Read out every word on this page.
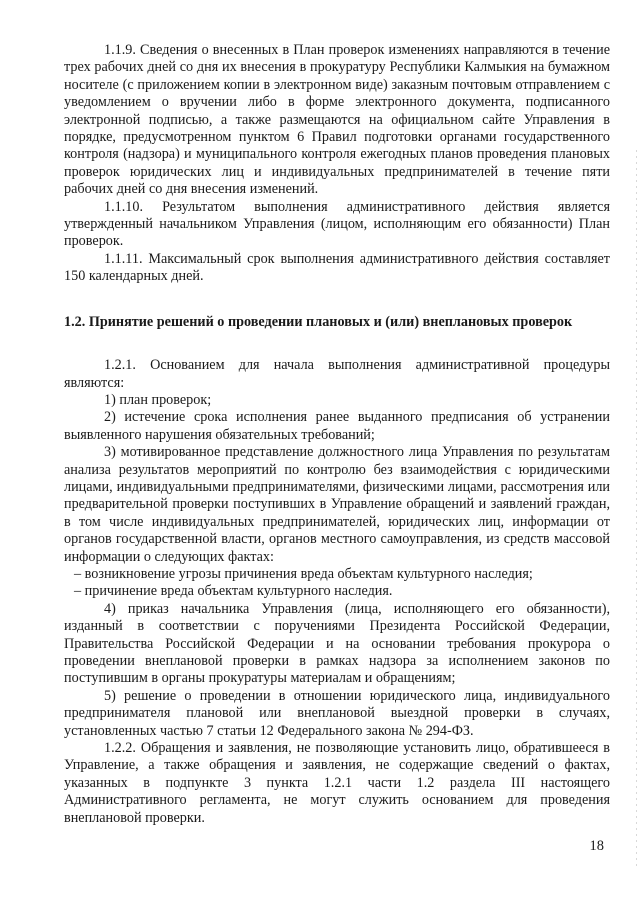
1.1.9. Сведения о внесенных в План проверок изменениях направляются в течение трех рабочих дней со дня их внесения в прокуратуру Республики Калмыкия на бумажном носителе (с приложением копии в электронном виде) заказным почтовым отправлением с уведомлением о вручении либо в форме электронного документа, подписанного электронной подписью, а также размещаются на официальном сайте Управления в порядке, предусмотренном пунктом 6 Правил подготовки органами государственного контроля (надзора) и муниципального контроля ежегодных планов проведения плановых проверок юридических лиц и индивидуальных предпринимателей в течение пяти рабочих дней со дня внесения изменений.

1.1.10. Результатом выполнения административного действия является утвержденный начальником Управления (лицом, исполняющим его обязанности) План проверок.

1.1.11. Максимальный срок выполнения административного действия составляет 150 календарных дней.

1.2. Принятие решений о проведении плановых и (или) внеплановых проверок

1.2.1. Основанием для начала выполнения административной процедуры являются:

1) план проверок;

2) истечение срока исполнения ранее выданного предписания об устранении выявленного нарушения обязательных требований;

3) мотивированное представление должностного лица Управления по результатам анализа результатов мероприятий по контролю без взаимодействия с юридическими лицами, индивидуальными предпринимателями, физическими лицами, рассмотрения или предварительной проверки поступивших в Управление обращений и заявлений граждан, в том числе индивидуальных предпринимателей, юридических лиц, информации от органов государственной власти, органов местного самоуправления, из средств массовой информации о следующих фактах:

– возникновение угрозы причинения вреда объектам культурного наследия;

– причинение вреда объектам культурного наследия.

4) приказ начальника Управления (лица, исполняющего его обязанности), изданный в соответствии с поручениями Президента Российской Федерации, Правительства Российской Федерации и на основании требования прокурора о проведении внеплановой проверки в рамках надзора за исполнением законов по поступившим в органы прокуратуры материалам и обращениям;

5) решение о проведении в отношении юридического лица, индивидуального предпринимателя плановой или внеплановой выездной проверки в случаях, установленных частью 7 статьи 12 Федерального закона № 294-ФЗ.

1.2.2. Обращения и заявления, не позволяющие установить лицо, обратившееся в Управление, а также обращения и заявления, не содержащие сведений о фактах, указанных в подпункте 3 пункта 1.2.1 части 1.2 раздела III настоящего Административного регламента, не могут служить основанием для проведения внеплановой проверки.

18
